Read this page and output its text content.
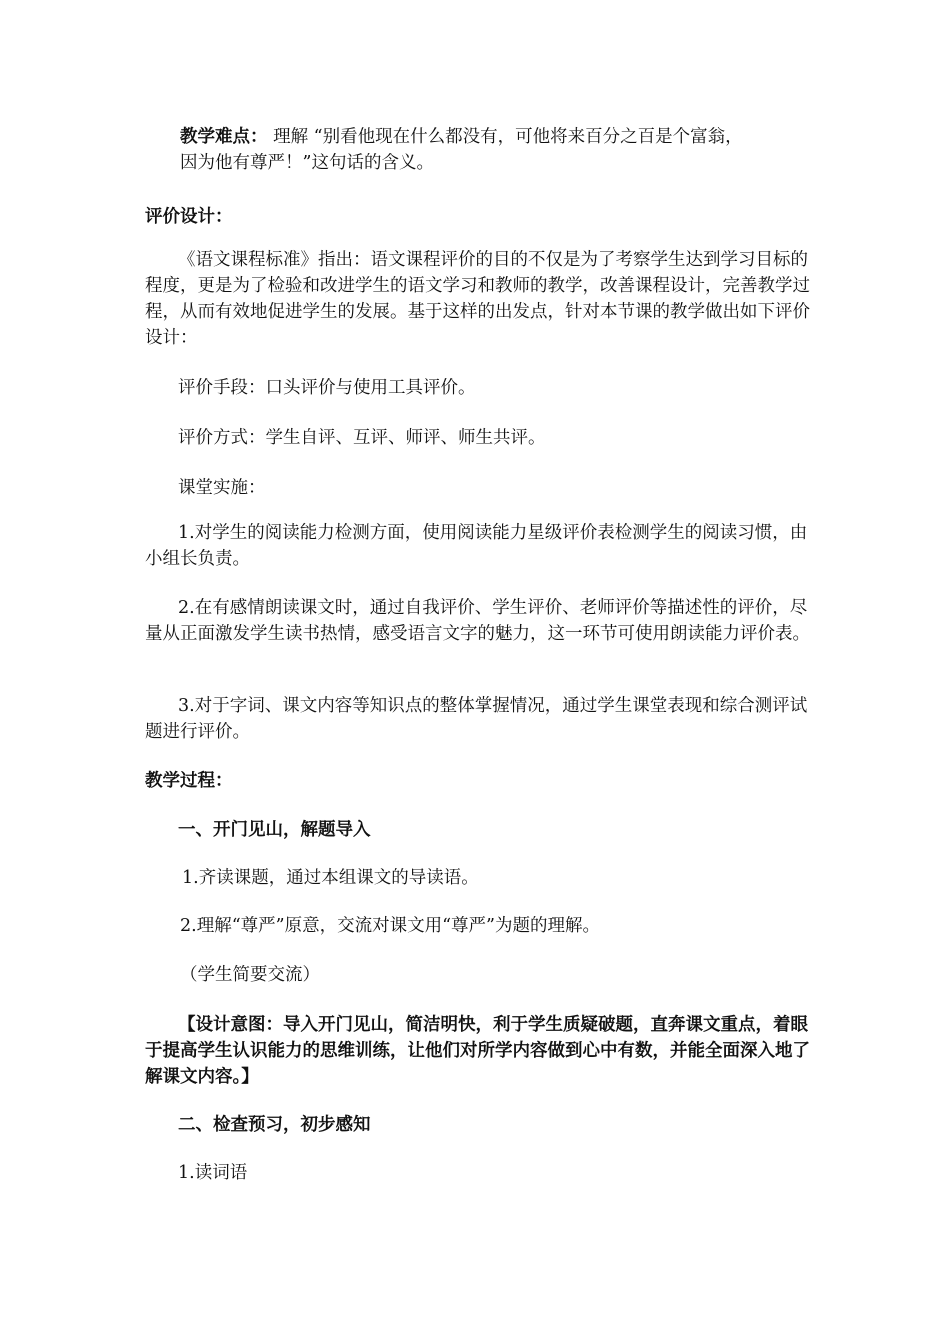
教学难点： 理解 “别看他现在什么都没有，可他将来百分之百是个富翁，
因为他有尊严！”这句话的含义。
评价设计：
《语文课程标准》指出：语文课程评价的目的不仅是为了考察学生达到学习目标的程度，更是为了检验和改进学生的语文学习和教师的教学，改善课程设计，完善教学过程，从而有效地促进学生的发展。基于这样的出发点，针对本节课的教学做出如下评价设计：
评价手段：口头评价与使用工具评价。
评价方式：学生自评、互评、师评、师生共评。
课堂实施：
1.对学生的阅读能力检测方面，使用阅读能力星级评价表检测学生的阅读习惯，由小组长负责。
2.在有感情朗读课文时，通过自我评价、学生评价、老师评价等描述性的评价，尽量从正面激发学生读书热情，感受语言文字的魅力，这一环节可使用朗读能力评价表。
3.对于字词、课文内容等知识点的整体掌握情况，通过学生课堂表现和综合测评试题进行评价。
教学过程：
一、开门见山，解题导入
1.齐读课题，通过本组课文的导读语。
2.理解“尊严”原意，交流对课文用“尊严”为题的理解。
（学生简要交流）
【设计意图：导入开门见山，简洁明快，利于学生质疑破题，直奔课文重点，着眼于提高学生认识能力的思维训练，让他们对所学内容做到心中有数，并能全面深入地了解课文内容。】
二、检查预习，初步感知
1.读词语
